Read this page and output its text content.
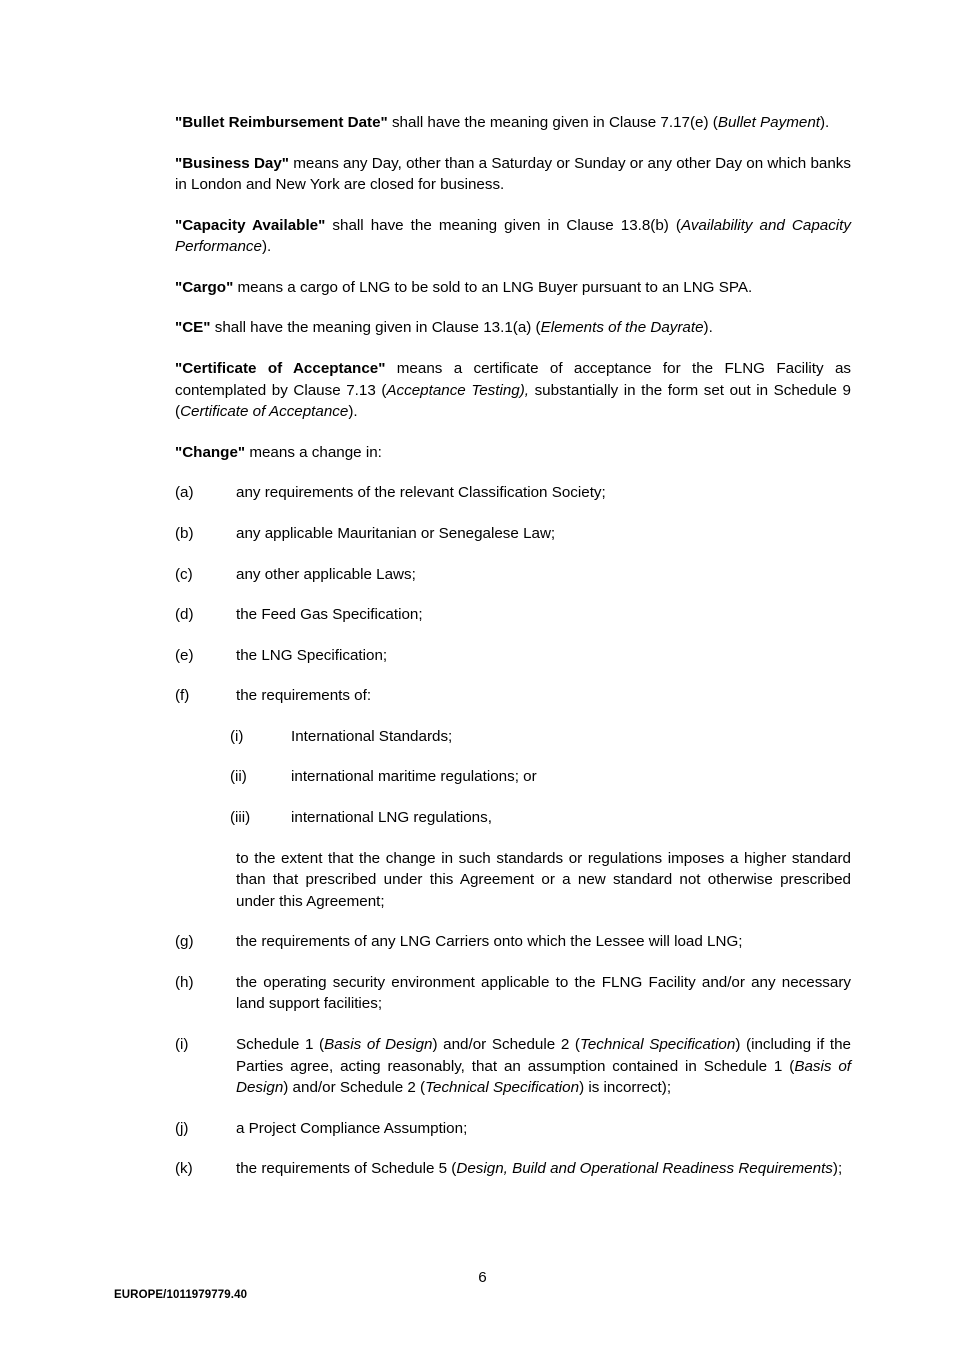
"Bullet Reimbursement Date" shall have the meaning given in Clause 7.17(e) (Bullet Payment).

"Business Day" means any Day, other than a Saturday or Sunday or any other Day on which banks in London and New York are closed for business.

"Capacity Available" shall have the meaning given in Clause 13.8(b) (Availability and Capacity Performance).

"Cargo" means a cargo of LNG to be sold to an LNG Buyer pursuant to an LNG SPA.

"CE" shall have the meaning given in Clause 13.1(a) (Elements of the Dayrate).

"Certificate of Acceptance" means a certificate of acceptance for the FLNG Facility as contemplated by Clause 7.13 (Acceptance Testing), substantially in the form set out in Schedule 9 (Certificate of Acceptance).

"Change" means a change in:

(a)	any requirements of the relevant Classification Society;
(b)	any applicable Mauritanian or Senegalese Law;
(c)	any other applicable Laws;
(d)	the Feed Gas Specification;
(e)	the LNG Specification;
(f)	the requirements of:
(i)	International Standards;
(ii)	international maritime regulations; or
(iii)	international LNG regulations,
to the extent that the change in such standards or regulations imposes a higher standard than that prescribed under this Agreement or a new standard not otherwise prescribed under this Agreement;
(g)	the requirements of any LNG Carriers onto which the Lessee will load LNG;
(h)	the operating security environment applicable to the FLNG Facility and/or any necessary land support facilities;
(i)	Schedule 1 (Basis of Design) and/or Schedule 2 (Technical Specification) (including if the Parties agree, acting reasonably, that an assumption contained in Schedule 1 (Basis of Design) and/or Schedule 2 (Technical Specification) is incorrect);
(j)	a Project Compliance Assumption;
(k)	the requirements of Schedule 5 (Design, Build and Operational Readiness Requirements);
6
EUROPE/1011979779.40
